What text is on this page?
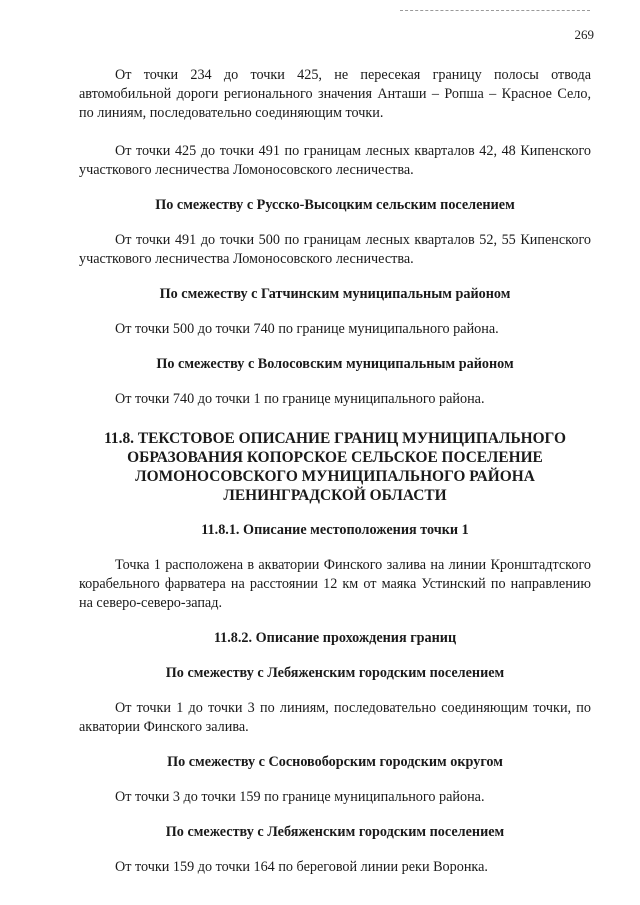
269

От точки 234 до точки 425, не пересекая границу полосы отвода автомобильной дороги регионального значения Анташи – Ропша – Красное Село, по линиям, последовательно соединяющим точки.

От точки 425 до точки 491 по границам лесных кварталов 42, 48 Кипенского участкового лесничества Ломоносовского лесничества.

По смежеству с Русско-Высоцким сельским поселением

От точки 491 до точки 500 по границам лесных кварталов 52, 55 Кипенского участкового лесничества Ломоносовского лесничества.

По смежеству с Гатчинским муниципальным районом

От точки 500 до точки 740 по границе муниципального района.

По смежеству с Волосовским муниципальным районом

От точки 740 до точки 1 по границе муниципального района.

11.8. ТЕКСТОВОЕ ОПИСАНИЕ ГРАНИЦ МУНИЦИПАЛЬНОГО ОБРАЗОВАНИЯ КОПОРСКОЕ СЕЛЬСКОЕ ПОСЕЛЕНИЕ ЛОМОНОСОВСКОГО МУНИЦИПАЛЬНОГО РАЙОНА ЛЕНИНГРАДСКОЙ ОБЛАСТИ
11.8.1. Описание местоположения точки 1

Точка 1 расположена в акватории Финского залива на линии Кронштадтского корабельного фарватера на расстоянии 12 км от маяка Устинский по направлению на северо-северо-запад.

11.8.2. Описание прохождения границ
По смежеству с Лебяженским городским поселением

От точки 1 до точки 3 по линиям, последовательно соединяющим точки, по акватории Финского залива.

По смежеству с Сосновоборским городским округом

От точки 3 до точки 159 по границе муниципального района.

По смежеству с Лебяженским городским поселением

От точки 159 до точки 164 по береговой линии реки Воронка.
